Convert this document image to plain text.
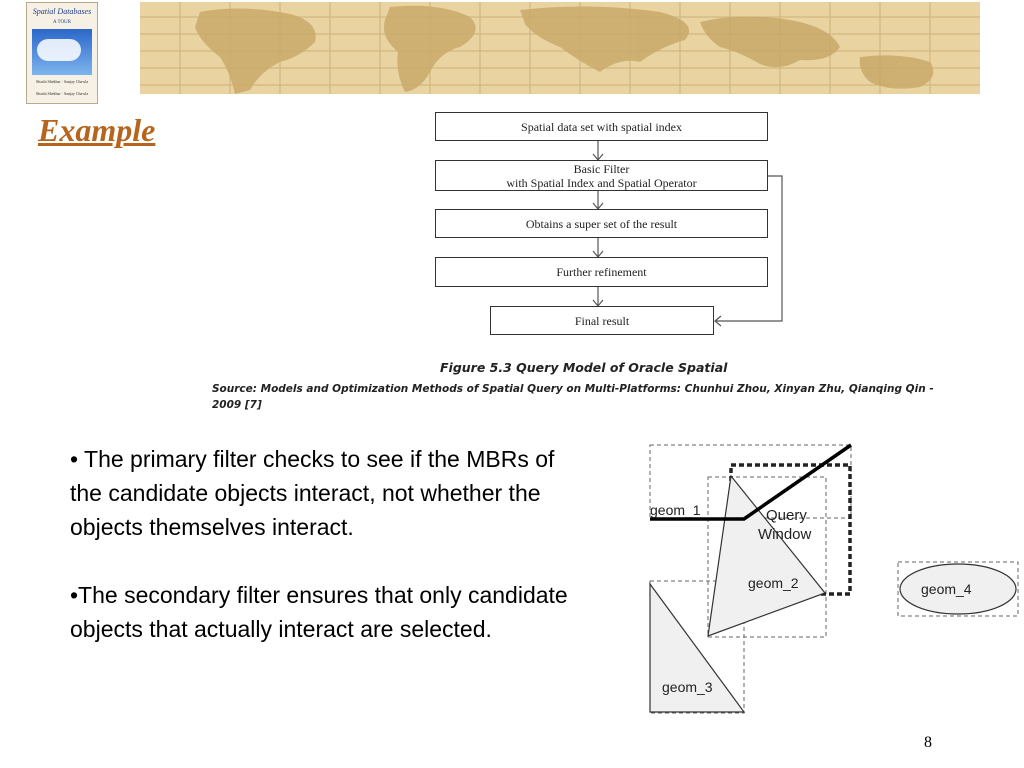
Spatial Databases
A TOUR
Shashi Shekhar · Sanjay Chawla
Shashi Shekhar · Sanjay Chawla
Example	Spatial data set with spatial index
Basic Filter
with Spatial Index and Spatial Operator
Obtains a super set of the result
Further refinement
Final result

Figure 5.3 Query Model of Oracle Spatial

Source: Models and Optimization Methods of Spatial Query on Multi-Platforms: Chunhui Zhou, Xinyan Zhu, Qianqing Qin -
2009 [7]

• The primary filter checks to see if the MBRs of the candidate objects interact, not whether the objects themselves interact.

•The secondary filter ensures that only candidate objects that actually interact are selected.

geom_1
geom_2
geom_3
geom_4
Query
Window

8
